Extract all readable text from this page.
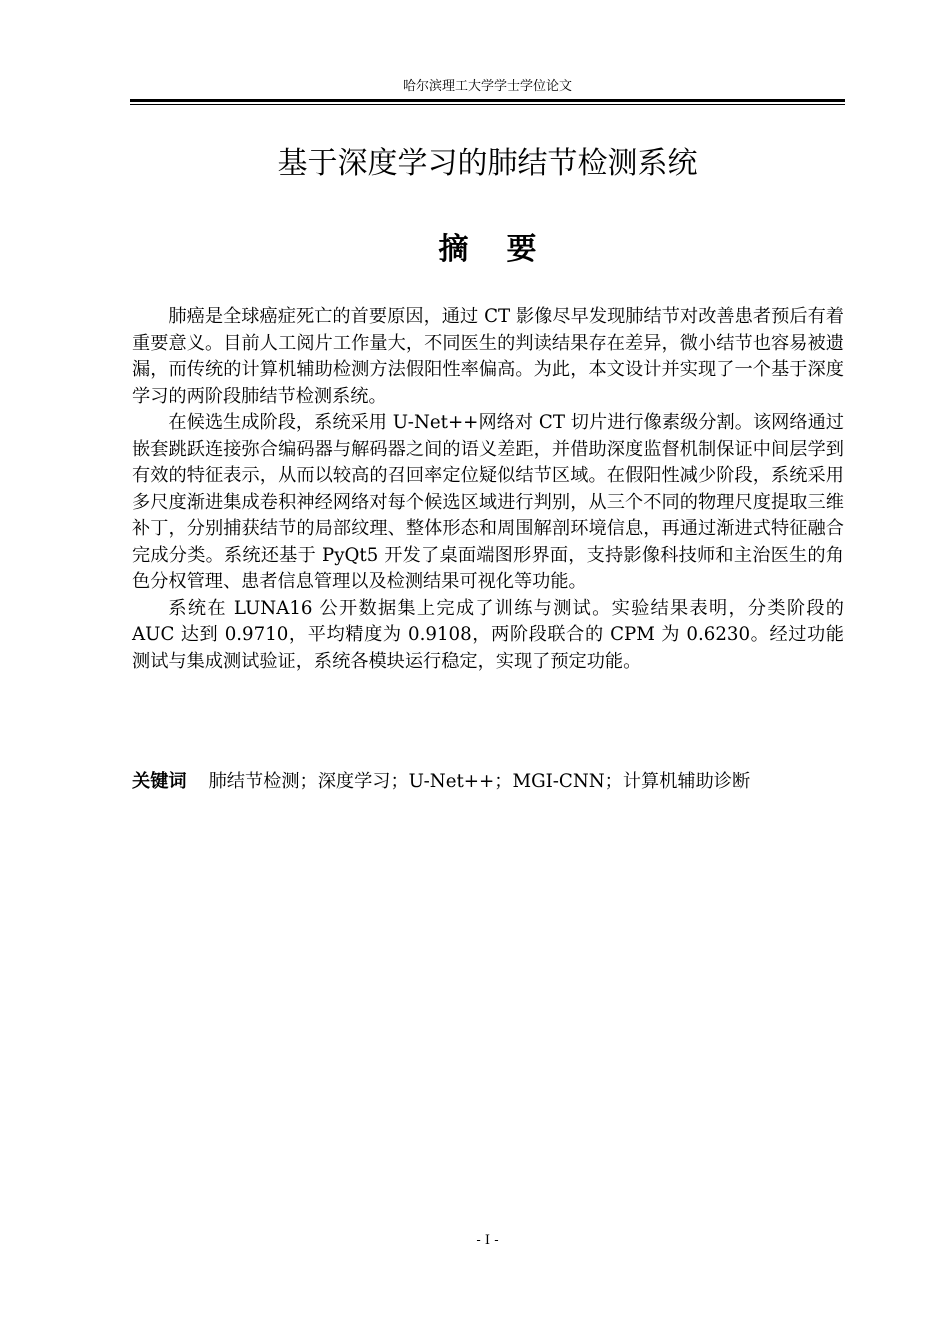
哈尔滨理工大学学士学位论文
基于深度学习的肺结节检测系统
摘要

肺癌是全球癌症死亡的首要原因，通过 CT 影像尽早发现肺结节对改善患者预后有着重要意义。目前人工阅片工作量大，不同医生的判读结果存在差异，微小结节也容易被遗漏，而传统的计算机辅助检测方法假阳性率偏高。为此，本文设计并实现了一个基于深度学习的两阶段肺结节检测系统。

在候选生成阶段，系统采用 U-Net++网络对 CT 切片进行像素级分割。该网络通过嵌套跳跃连接弥合编码器与解码器之间的语义差距，并借助深度监督机制保证中间层学到有效的特征表示，从而以较高的召回率定位疑似结节区域。在假阳性减少阶段，系统采用多尺度渐进集成卷积神经网络对每个候选区域进行判别，从三个不同的物理尺度提取三维补丁，分别捕获结节的局部纹理、整体形态和周围解剖环境信息，再通过渐进式特征融合完成分类。系统还基于 PyQt5 开发了桌面端图形界面，支持影像科技师和主治医生的角色分权管理、患者信息管理以及检测结果可视化等功能。

系统在 LUNA16 公开数据集上完成了训练与测试。实验结果表明，分类阶段的 AUC 达到 0.9710，平均精度为 0.9108，两阶段联合的 CPM 为 0.6230。经过功能测试与集成测试验证，系统各模块运行稳定，实现了预定功能。

关键词 肺结节检测；深度学习；U-Net++；MGI-CNN；计算机辅助诊断
- I -
